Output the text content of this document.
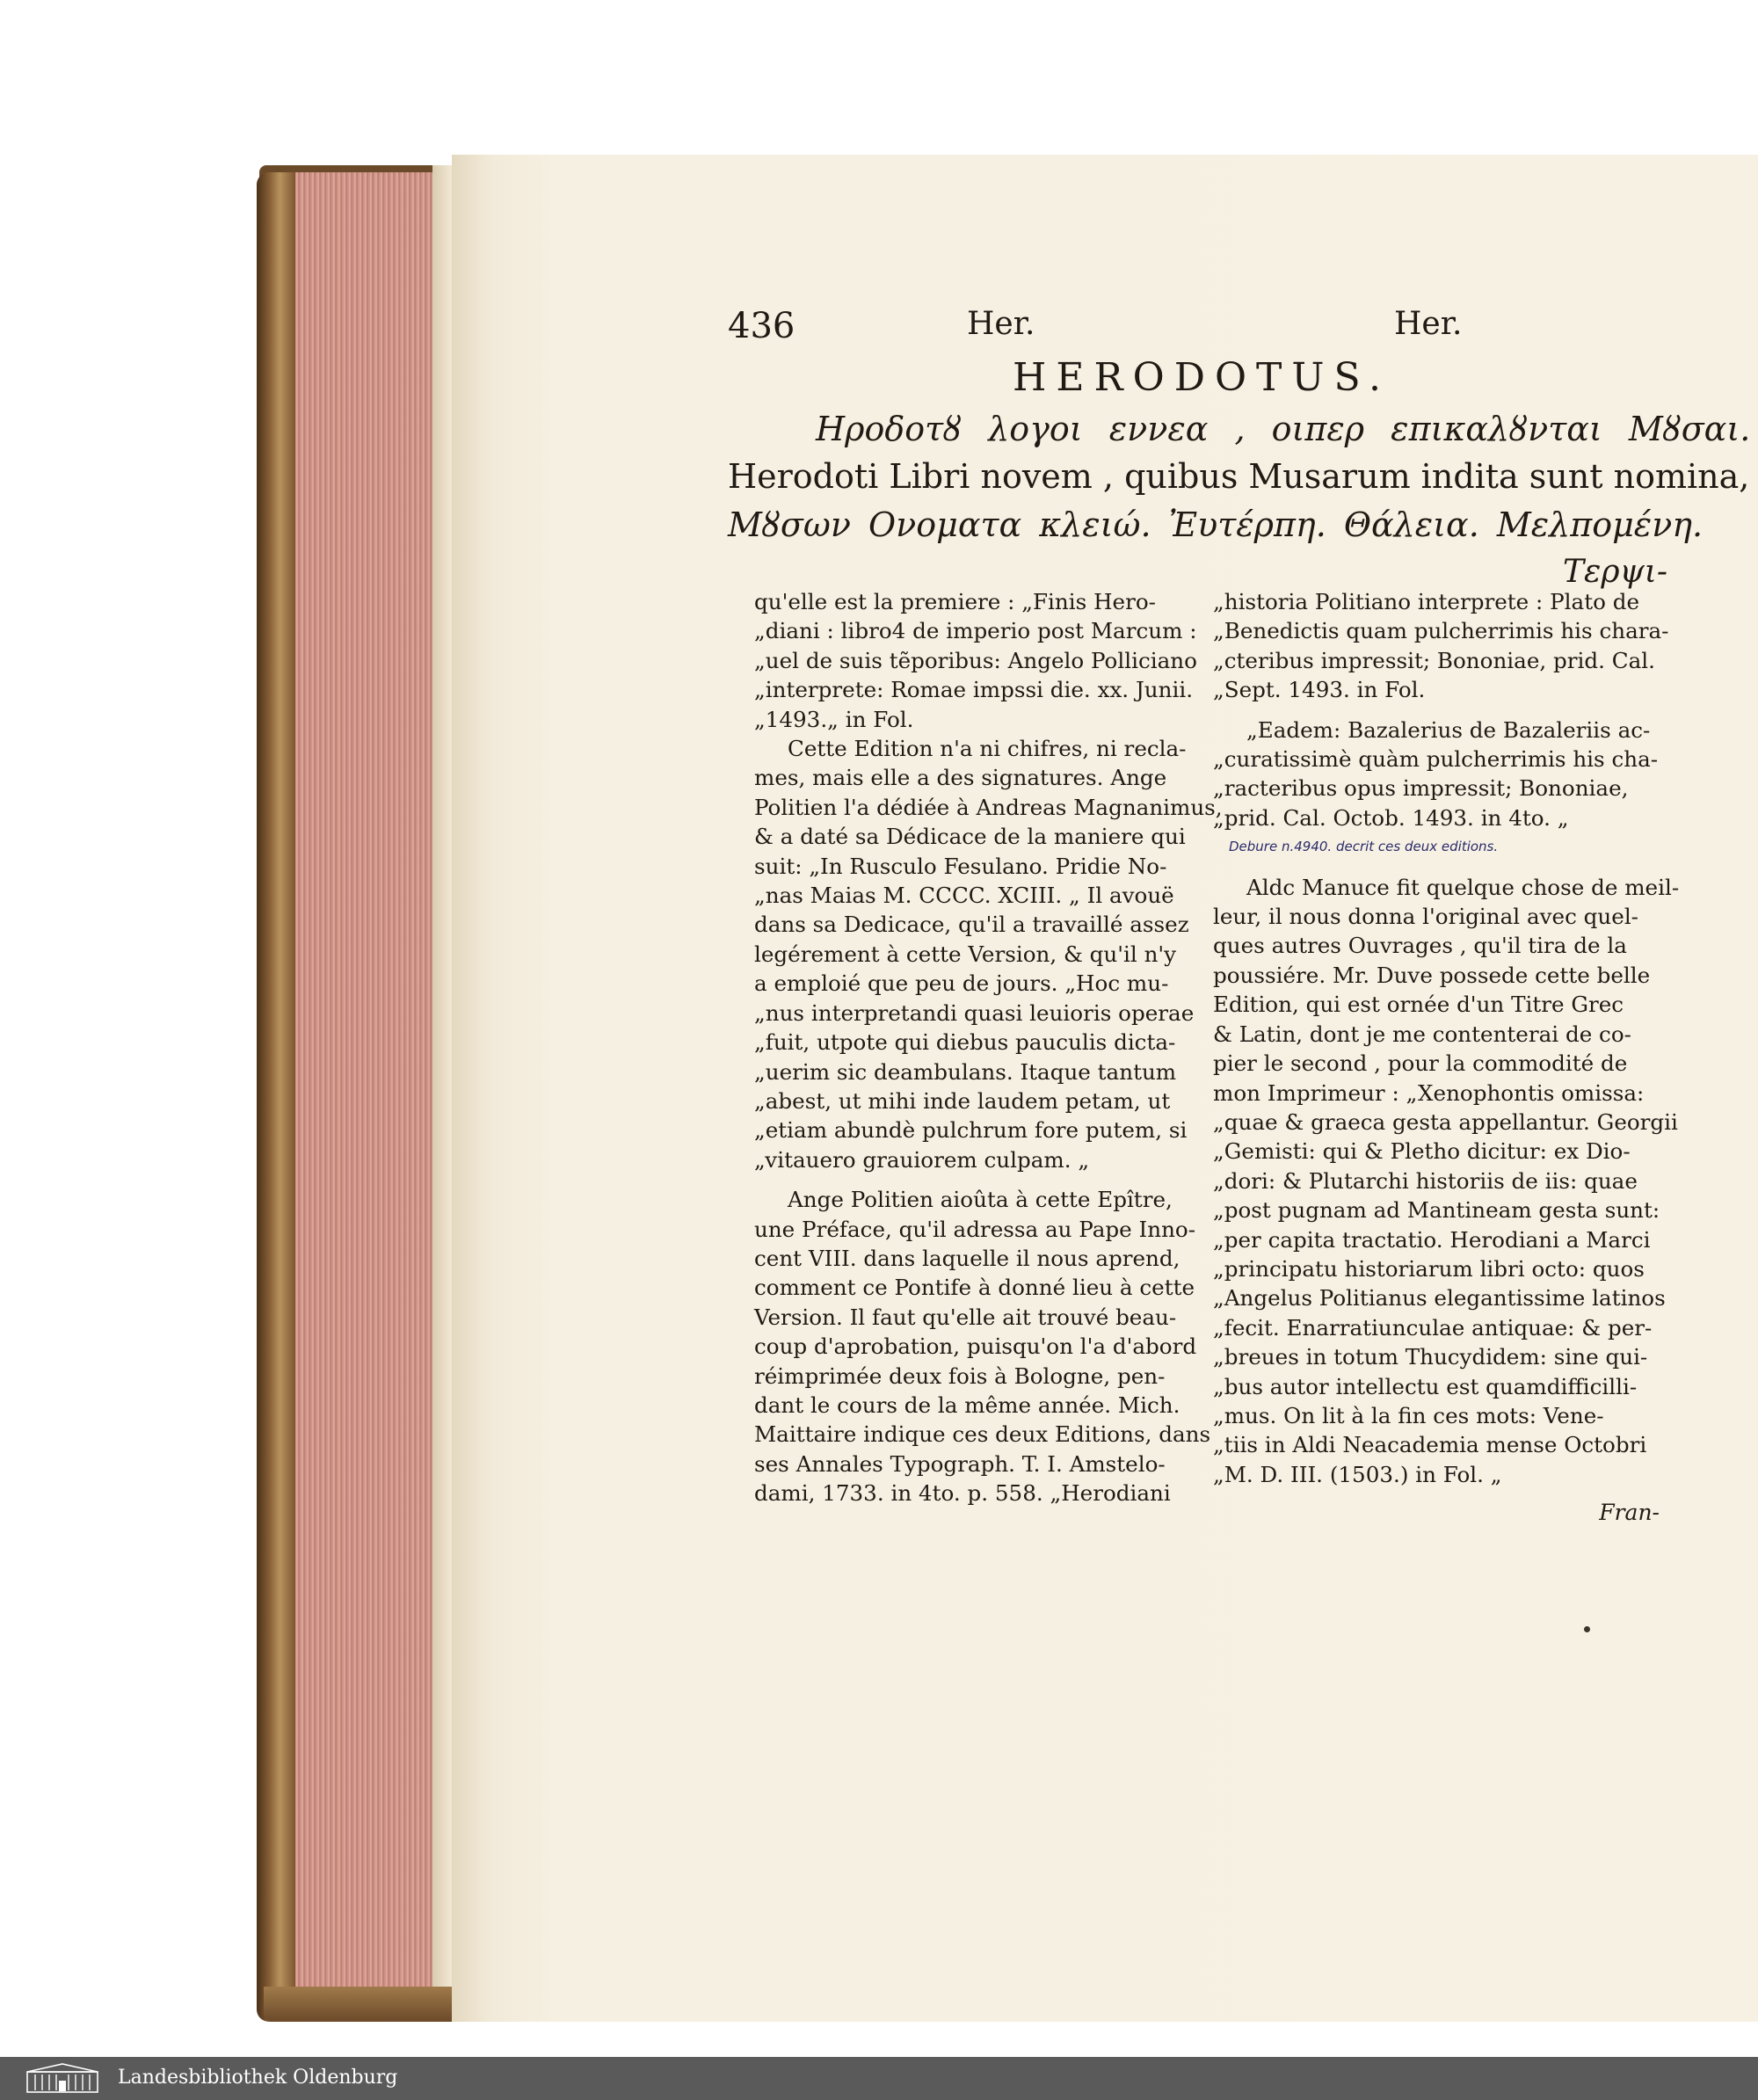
436	Her.	Her.
HERODOTUS.
Ηροδοτȣ λογοι εννεα , οιπερ επικαλȣνται Μȣσαι.
Herodoti Libri novem , quibus Musarum indita sunt nomina,
Μȣσων Ονοματα κλειώ. Ἐυτέρπη. Θάλεια. Μελπομένη.
Τερψι-
qu'elle est la premiere : „Finis Hero-
„diani : libro4 de imperio post Marcum :
„uel de suis tẽporibus: Angelo Polliciano
„interprete: Romae impssi die. xx. Junii.
„1493.„ in Fol.
Cette Edition n'a ni chifres, ni recla-
mes, mais elle a des signatures. Ange
Politien l'a dédiée à Andreas Magnanimus,
& a daté sa Dédicace de la maniere qui
suit: „In Rusculo Fesulano. Pridie No-
„nas Maias M. CCCC. XCIII. „ Il avouë
dans sa Dedicace, qu'il a travaillé assez
legérement à cette Version, & qu'il n'y
a emploié que peu de jours. „Hoc mu-
„nus interpretandi quasi leuioris operae
„fuit, utpote qui diebus pauculis dicta-
„uerim sic deambulans. Itaque tantum
„abest, ut mihi inde laudem petam, ut
„etiam abundè pulchrum fore putem, si
„vitauero grauiorem culpam. „
Ange Politien aioûta à cette Epître,
une Préface, qu'il adressa au Pape Inno-
cent VIII. dans laquelle il nous aprend,
comment ce Pontife à donné lieu à cette
Version. Il faut qu'elle ait trouvé beau-
coup d'aprobation, puisqu'on l'a d'abord
réimprimée deux fois à Bologne, pen-
dant le cours de la même année. Mich.
Maittaire indique ces deux Editions, dans
ses Annales Typograph. T. I. Amstelo-
dami, 1733. in 4to. p. 558. „Herodiani
„historia Politiano interprete : Plato de
„Benedictis quam pulcherrimis his chara-
„cteribus impressit; Bononiae, prid. Cal.
„Sept. 1493. in Fol.
„Eadem: Bazalerius de Bazaleriis ac-
„curatissimè quàm pulcherrimis his cha-
„racteribus opus impressit; Bononiae,
„prid. Cal. Octob. 1493. in 4to. „
Debure n.4940. decrit ces deux editions.
Aldc Manuce fit quelque chose de meil-
leur, il nous donna l'original avec quel-
ques autres Ouvrages , qu'il tira de la
poussiére. Mr. Duve possede cette belle
Edition, qui est ornée d'un Titre Grec
& Latin, dont je me contenterai de co-
pier le second , pour la commodité de
mon Imprimeur : „Xenophontis omissa:
„quae & graeca gesta appellantur. Georgii
„Gemisti: qui & Pletho dicitur: ex Dio-
„dori: & Plutarchi historiis de iis: quae
„post pugnam ad Mantineam gesta sunt:
„per capita tractatio. Herodiani a Marci
„principatu historiarum libri octo: quos
„Angelus Politianus elegantissime latinos
„fecit. Enarratiunculae antiquae: & per-
„breues in totum Thucydidem: sine qui-
„bus autor intellectu est quamdifficilli-
„mus. On lit à la fin ces mots: Vene-
„tiis in Aldi Neacademia mense Octobri
„M. D. III. (1503.) in Fol. „
Fran-
Landesbibliothek Oldenburg
